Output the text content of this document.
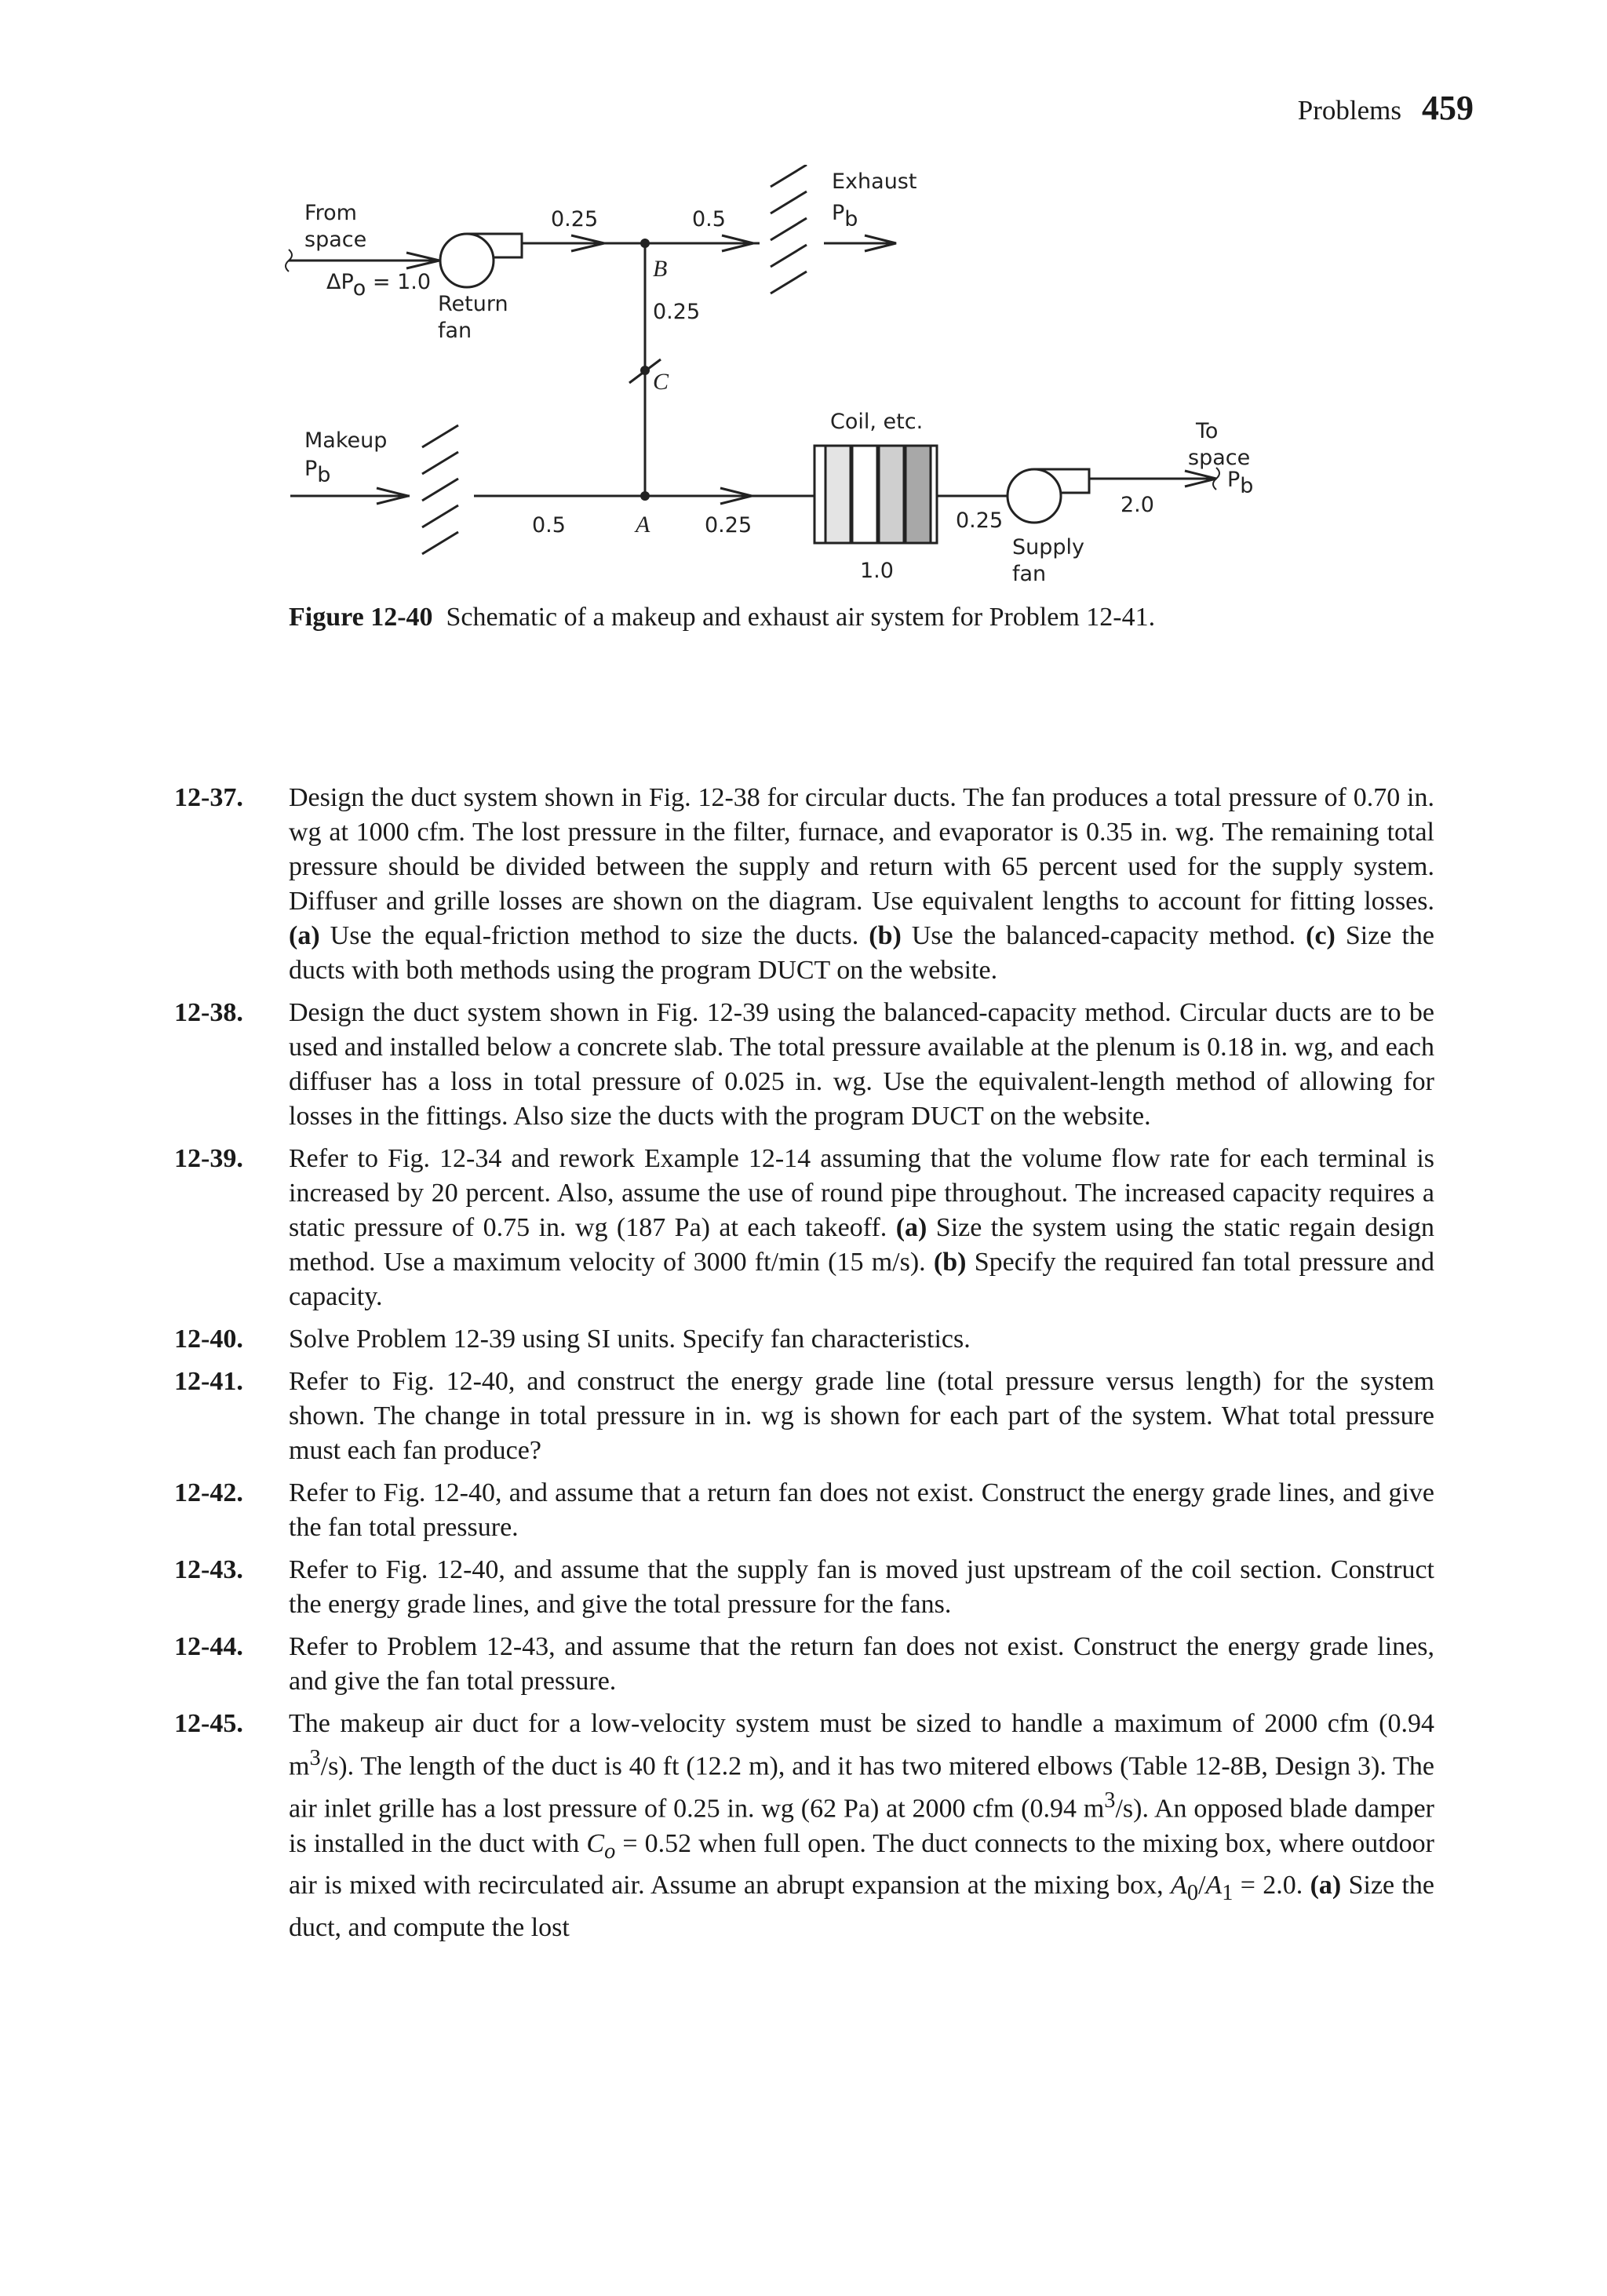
Problems 459
From
space
ΔPo = 1.0
Return
fan
0.25	0.5
Exhaust
Pb
B
0.25
C
Makeup
Pb
Coil, etc.	To
space
Pb
0.5	A	0.25
1.0
0.25
Supply
fan
2.0
Figure 12-40 Schematic of a makeup and exhaust air system for Problem 12-41.
12-37.	Design the duct system shown in Fig. 12-38 for circular ducts. The fan produces a total pressure of 0.70 in. wg at 1000 cfm. The lost pressure in the filter, furnace, and evaporator is 0.35 in. wg. The remaining total pressure should be divided between the supply and return with 65 percent used for the supply system. Diffuser and grille losses are shown on the diagram. Use equivalent lengths to account for fitting losses. (a) Use the equal-friction method to size the ducts. (b) Use the balanced-capacity method. (c) Size the ducts with both methods using the program DUCT on the website.
12-38.	Design the duct system shown in Fig. 12-39 using the balanced-capacity method. Circular ducts are to be used and installed below a concrete slab. The total pressure available at the plenum is 0.18 in. wg, and each diffuser has a loss in total pressure of 0.025 in. wg. Use the equivalent-length method of allowing for losses in the fittings. Also size the ducts with the program DUCT on the website.
12-39.	Refer to Fig. 12-34 and rework Example 12-14 assuming that the volume flow rate for each terminal is increased by 20 percent. Also, assume the use of round pipe throughout. The increased capacity requires a static pressure of 0.75 in. wg (187 Pa) at each takeoff. (a) Size the system using the static regain design method. Use a maximum velocity of 3000 ft/min (15 m/s). (b) Specify the required fan total pressure and capacity.
12-40.	Solve Problem 12-39 using SI units. Specify fan characteristics.
12-41.	Refer to Fig. 12-40, and construct the energy grade line (total pressure versus length) for the system shown. The change in total pressure in in. wg is shown for each part of the system. What total pressure must each fan produce?
12-42.	Refer to Fig. 12-40, and assume that a return fan does not exist. Construct the energy grade lines, and give the fan total pressure.
12-43.	Refer to Fig. 12-40, and assume that the supply fan is moved just upstream of the coil section. Construct the energy grade lines, and give the total pressure for the fans.
12-44.	Refer to Problem 12-43, and assume that the return fan does not exist. Construct the energy grade lines, and give the fan total pressure.
12-45.	The makeup air duct for a low-velocity system must be sized to handle a maximum of 2000 cfm (0.94 $m^3/s$). The length of the duct is 40 ft (12.2 m), and it has two mitered elbows (Table 12-8B, Design 3). The air inlet grille has a lost pressure of 0.25 in. wg (62 Pa) at 2000 cfm (0.94 $m^3/s$). An opposed blade damper is installed in the duct with $C_o = 0.52$ when full open. The duct connects to the mixing box, where outdoor air is mixed with recirculated air. Assume an abrupt expansion at the mixing box, $A_0/A_1 = 2.0$. (a) Size the duct, and compute the lost
